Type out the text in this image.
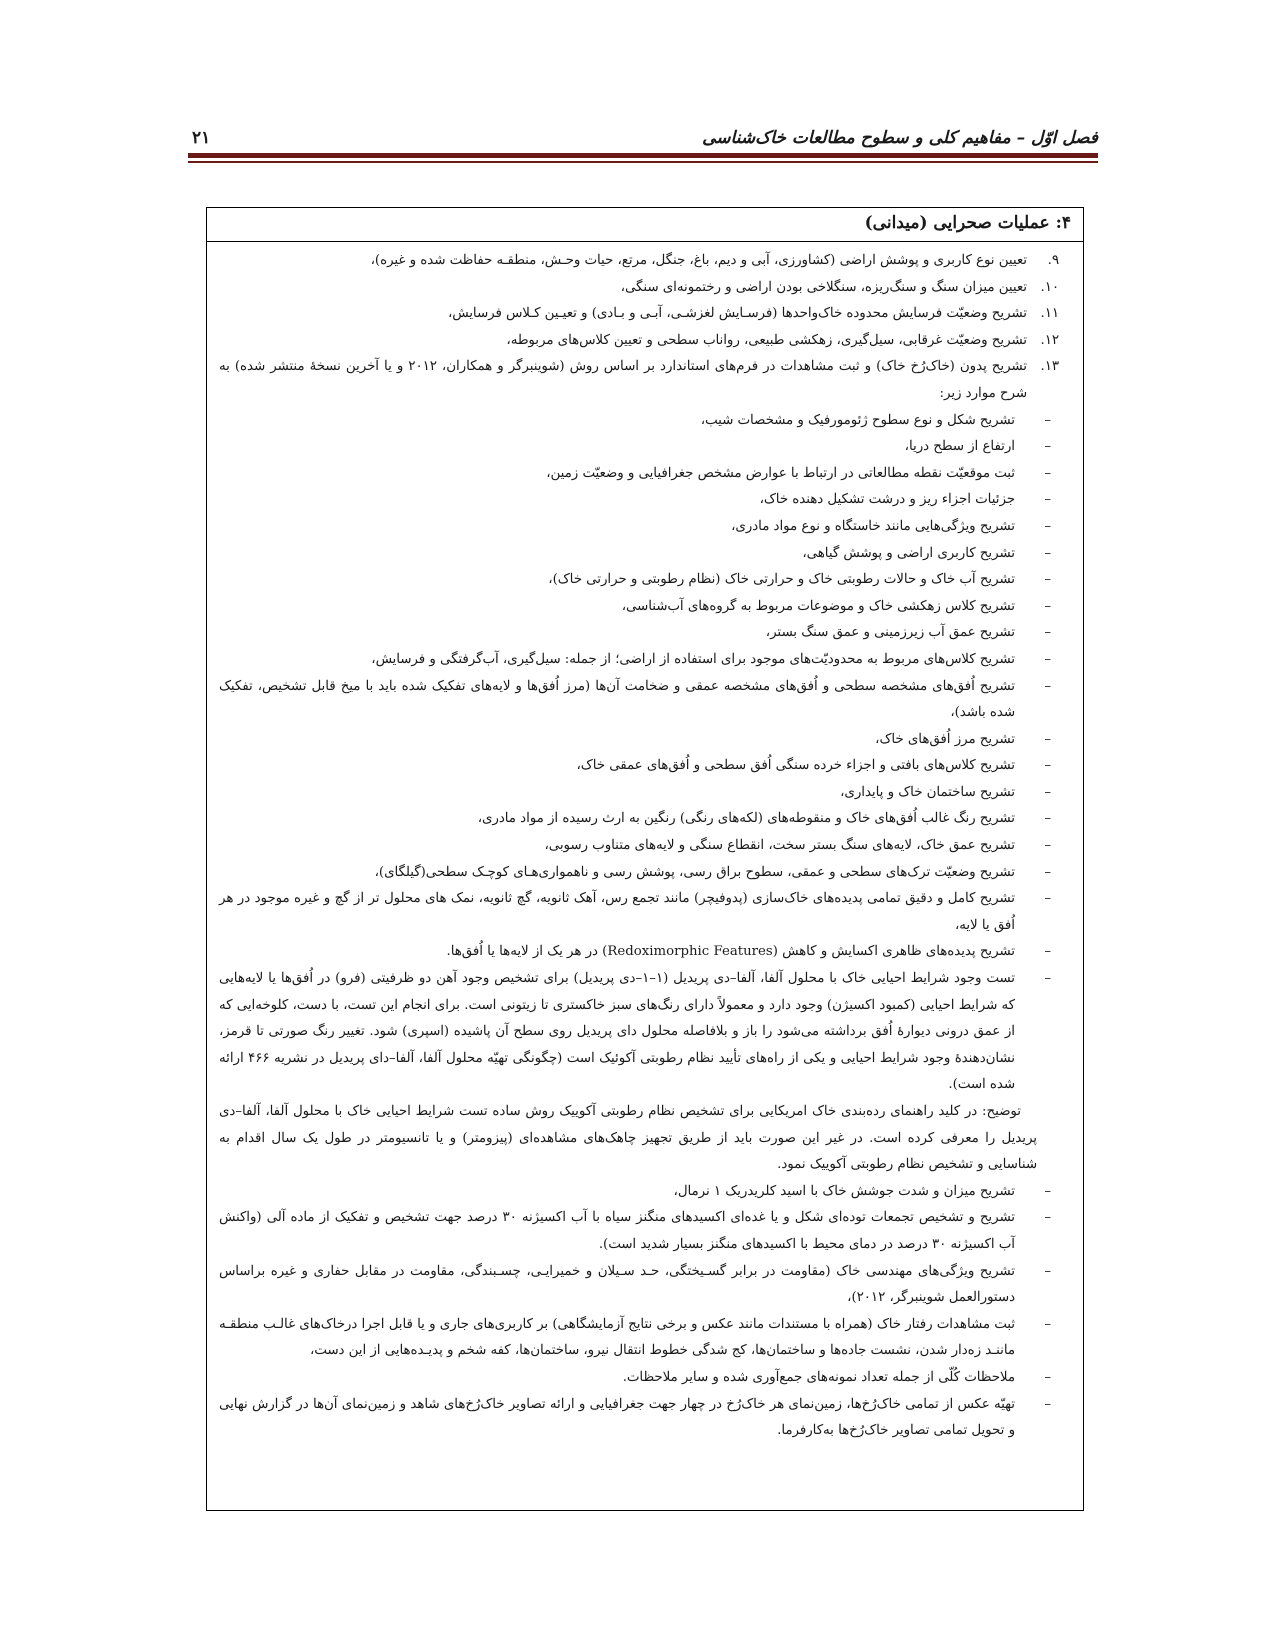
فصل اوّل – مفاهیم کلی و سطوح مطالعات خاک‌شناسی
۲۱
۴: عملیات صحرایی (میدانی)
۹.
تعیین نوع کاربری و پوشش اراضی (کشاورزی، آبی و دیم، باغ، جنگل، مرتع، حیات وحـش، منطقـه حفاظت شده و غیره)،
۱۰.
تعیین میزان سنگ و سنگ‌ریزه، سنگلاخی بودن اراضی و رختمونه‌ای سنگی،
۱۱.
تشریح وضعیّت فرسایش محدوده خاک‌واحدها (فرسـایش لغزشـی، آبـی و بـادی) و تعیـین کـلاس فرسایش،
۱۲.
تشریح وضعیّت غرقابی، سیل‌گیری، زهکشی طبیعی، رواناب سطحی و تعیین کلاس‌های مربوطه،
۱۳.
تشریح پدون (خاک‌رُخ خاک) و ثبت مشاهدات در فرم‌های استاندارد بر اساس روش (شوینبرگر و همکاران، ۲۰۱۲ و یا آخرین نسخهٔ منتشر شده) به شرح موارد زیر:
–
تشریح شکل و نوع سطوح ژئومورفیک و مشخصات شیب،
–
ارتفاع از سطح دریا،
–
ثبت موقعیّت نقطه مطالعاتی در ارتباط با عوارض مشخص جغرافیایی و وضعیّت زمین،
–
جزئیات اجزاء ریز و درشت تشکیل دهنده خاک،
–
تشریح ویژگی‌هایی مانند خاستگاه و نوع مواد مادری،
–
تشریح کاربری اراضی و پوشش گیاهی،
–
تشریح آب خاک و حالات رطوبتی خاک و حرارتی خاک (نظام رطوبتی و حرارتی خاک)،
–
تشریح کلاس زهکشی خاک و موضوعات مربوط به گروه‌های آب‌شناسی،
–
تشریح عمق آب زیرزمینی و عمق سنگ بستر،
–
تشریح کلاس‌های مربوط به محدودیّت‌های موجود برای استفاده از اراضی؛ از جمله: سیل‌گیری، آب‌گرفتگی و فرسایش،
–
تشریح اُفق‌های مشخصه سطحی و اُفق‌های مشخصه عمقی و ضخامت آن‌ها (مرز اُفق‌ها و لایه‌های تفکیک شده باید با میخ قابل تشخیص، تفکیک شده باشد)،
–
تشریح مرز اُفق‌های خاک،
–
تشریح کلاس‌های بافتی و اجزاء خرده سنگی اُفق سطحی و اُفق‌های عمقی خاک،
–
تشریح ساختمان خاک و پایداری،
–
تشریح رنگ غالب اُفق‌های خاک و منقوطه‌های (لکه‌های رنگی) رنگین به ارث رسیده از مواد مادری،
–
تشریح عمق خاک، لایه‌های سنگ بستر سخت، انقطاع سنگی و لایه‌های متناوب رسوبی،
–
تشریح وضعیّت ترک‌های سطحی و عمقی، سطوح براق رسی، پوشش رسی و ناهمواری‌هـای کوچـک سطحی(گیلگای)،
–
تشریح کامل و دقیق تمامی پدیده‌های خاک‌سازی (پدوفیچر) مانند تجمع رس، آهک ثانویه، گچ ثانویه، نمک های محلول تر از گچ و غیره موجود در هر اُفق یا لایه،
–
تشریح پدیده‌های ظاهری اکسایش و کاهش (Redoximorphic Features) در هر یک از لایه‌ها یا اُفق‌ها.
–
تست وجود شرایط احیایی خاک با محلول آلفا، آلفا–دی پریدیل (۱–۱–دی پریدیل) برای تشخیص وجود آهن دو ظرفیتی (فرو) در اُفق‌ها یا لایه‌هایی که شرایط احیایی (کمبود اکسیژن) وجود دارد و معمولاً دارای رنگ‌های سبز خاکستری تا زیتونی است. برای انجام این تست، با دست، کلوخه‌ایی که از عمق درونی دیوارهٔ اُفق برداشته می‌شود را باز و بلافاصله محلول دای پریدیل روی سطح آن پاشیده (اسپری) شود. تغییر رنگ صورتی تا قرمز، نشان‌دهندهٔ وجود شرایط احیایی و یکی از راه‌های تأیید نظام رطوبتی آکوئیک است (چگونگی تهیّه محلول آلفا، آلفا–دای پریدیل در نشریه ۴۶۶ ارائه شده است).
توضیح: در کلید راهنمای رده‌بندی خاک امریکایی برای تشخیص نظام رطوبتی آکوییک روش ساده تست شرایط احیایی خاک با محلول آلفا، آلفا–دی پریدیل را معرفی کرده است. در غیر این صورت باید از طریق تجهیز چاهک‌های مشاهده‌ای (پیزومتر) و یا تانسیومتر در طول یک سال اقدام به شناسایی و تشخیص نظام رطوبتی آکوییک نمود.
–
تشریح میزان و شدت جوشش خاک با اسید کلریدریک ۱ نرمال،
–
تشریح و تشخیص تجمعات توده‌ای شکل و یا غده‌ای اکسیدهای منگنز سیاه با آب اکسیژنه ۳۰ درصد جهت تشخیص و تفکیک از ماده آلی (واکنش آب اکسیژنه ۳۰ درصد در دمای محیط با اکسیدهای منگنز بسیار شدید است).
–
تشریح ویژگی‌های مهندسی خاک (مقاومت در برابر گسـیختگی، حـد سـیلان و خمیرایـی، چسـبندگی، مقاومت در مقابل حفاری و غیره براساس دستورالعمل شوینبرگر، ۲۰۱۲)،
–
ثبت مشاهدات رفتار خاک (همراه با مستندات مانند عکس و برخی نتایج آزمایشگاهی) بر کاربری‌های جاری و یا قابل اجرا درخاک‌های غالـب منطقـه ماننـد زه‌دار شدن، نشست جاده‌ها و ساختمان‌ها، کج شدگی خطوط انتقال نیرو، ساختمان‌ها، کفه شخم و پدیـده‌هایی از این دست،
–
ملاحظات کُلّی از جمله تعداد نمونه‌های جمع‌آوری شده و سایر ملاحظات.
–
تهیّه عکس از تمامی خاک‌رُخ‌ها، زمین‌نمای هر خاک‌رُخ در چهار جهت جغرافیایی و ارائه تصاویر خاک‌رُخ‌های شاهد و زمین‌نمای آن‌ها در گزارش نهایی و تحویل تمامی تصاویر خاک‌رُخ‌ها به‌کارفرما.
